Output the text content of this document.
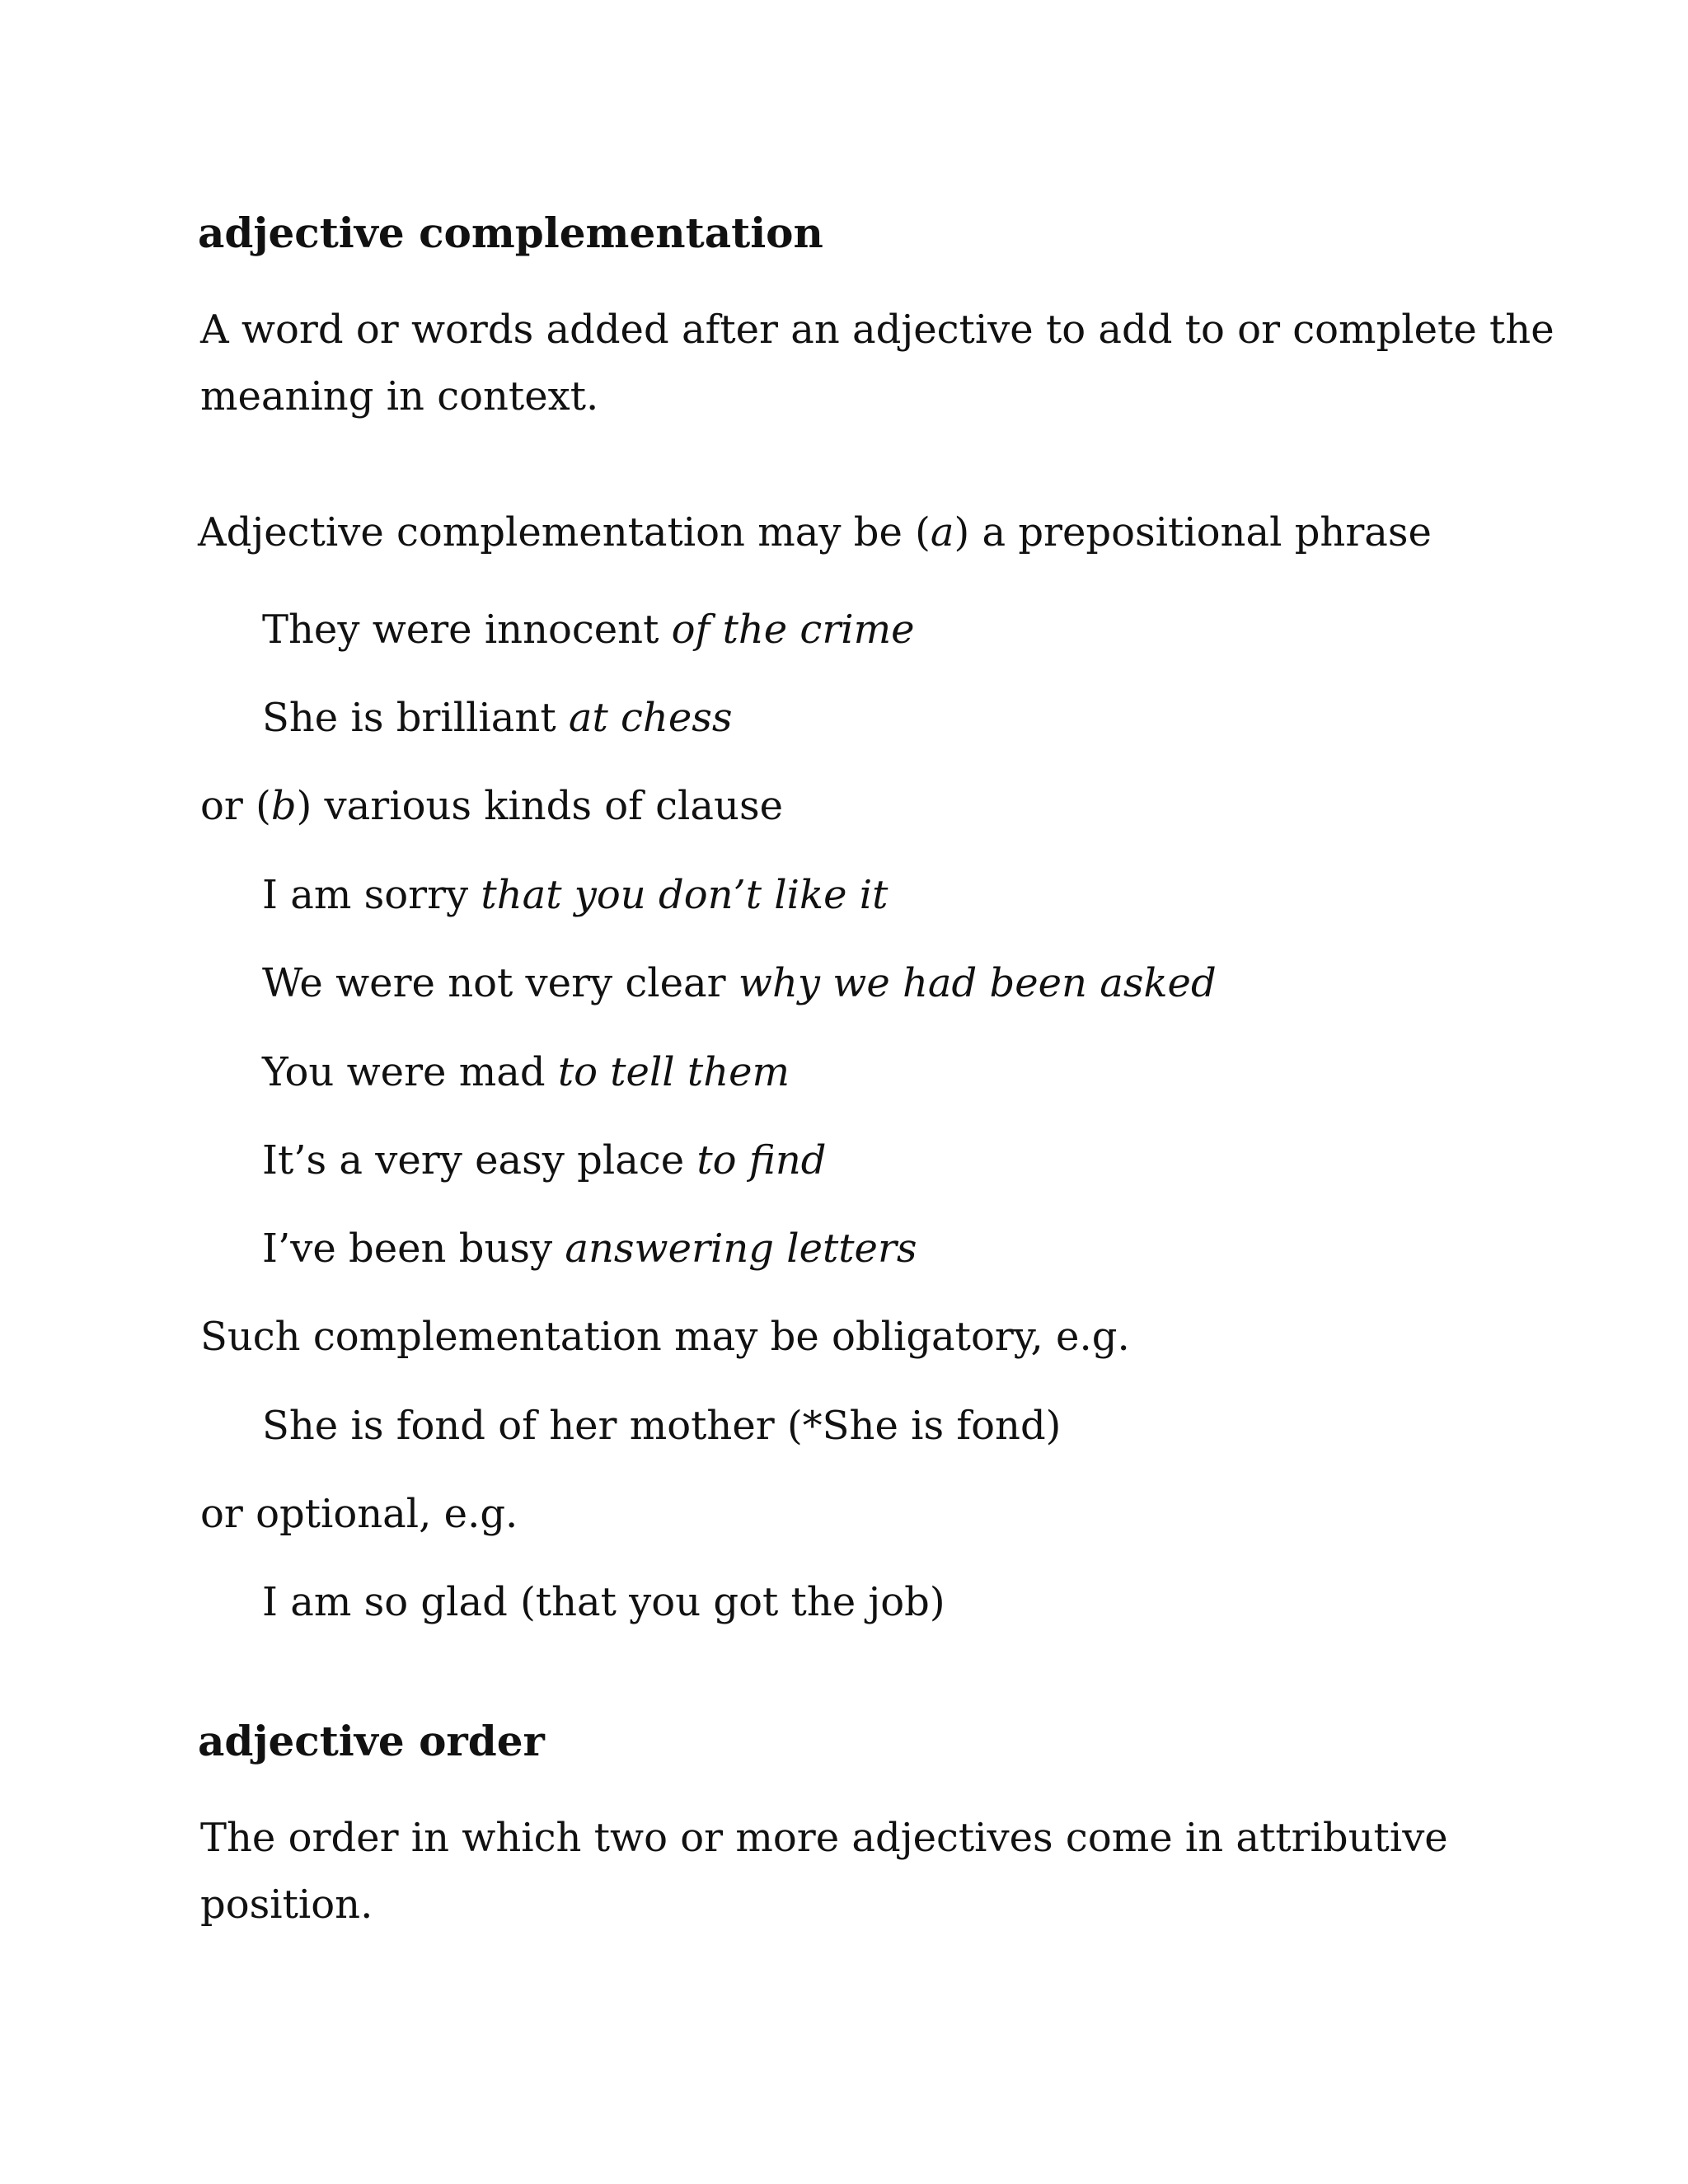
adjective complementation
A word or words added after an adjective to add to or complete the
meaning in context.
Adjective complementation may be (a) a prepositional phrase
They were innocent of the crime
She is brilliant at chess
or (b) various kinds of clause
I am sorry that you don’t like it
We were not very clear why we had been asked
You were mad to tell them
It’s a very easy place to find
I’ve been busy answering letters
Such complementation may be obligatory, e.g.
She is fond of her mother (*She is fond)
or optional, e.g.
I am so glad (that you got the job)
adjective order
The order in which two or more adjectives come in attributive
position.
